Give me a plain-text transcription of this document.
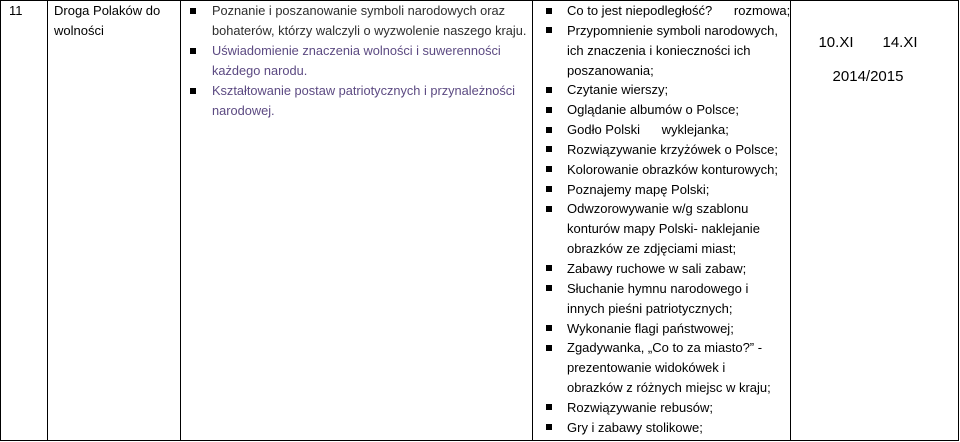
11	Droga Polaków do
wolności
Poznanie i poszanowanie symboli narodowych oraz
bohaterów, którzy walczyli o wyzwolenie naszego kraju.
Uświadomienie znaczenia wolności i suwerenności
każdego narodu.
Kształtowanie postaw patriotycznych i przynależności
narodowej.
Co to jest niepodległość?      rozmowa;
Przypomnienie symboli narodowych,
ich znaczenia i konieczności ich
poszanowania;
Czytanie wierszy;
Oglądanie albumów o Polsce;
Godło Polski      wyklejanka;
Rozwiązywanie krzyżówek o Polsce;
Kolorowanie obrazków konturowych;
Poznajemy mapę Polski;
Odwzorowywanie w/g szablonu
konturów mapy Polski- naklejanie
obrazków ze zdjęciami miast;
Zabawy ruchowe w sali zabaw;
Słuchanie hymnu narodowego i
innych pieśni patriotycznych;
Wykonanie flagi państwowej;
Zgadywanka, „Co to za miasto?” -
prezentowanie widokówek i
obrazków z różnych miejsc w kraju;
Rozwiązywanie rebusów;
Gry i zabawy stolikowe;
10.XI 14.XI
2014/2015
